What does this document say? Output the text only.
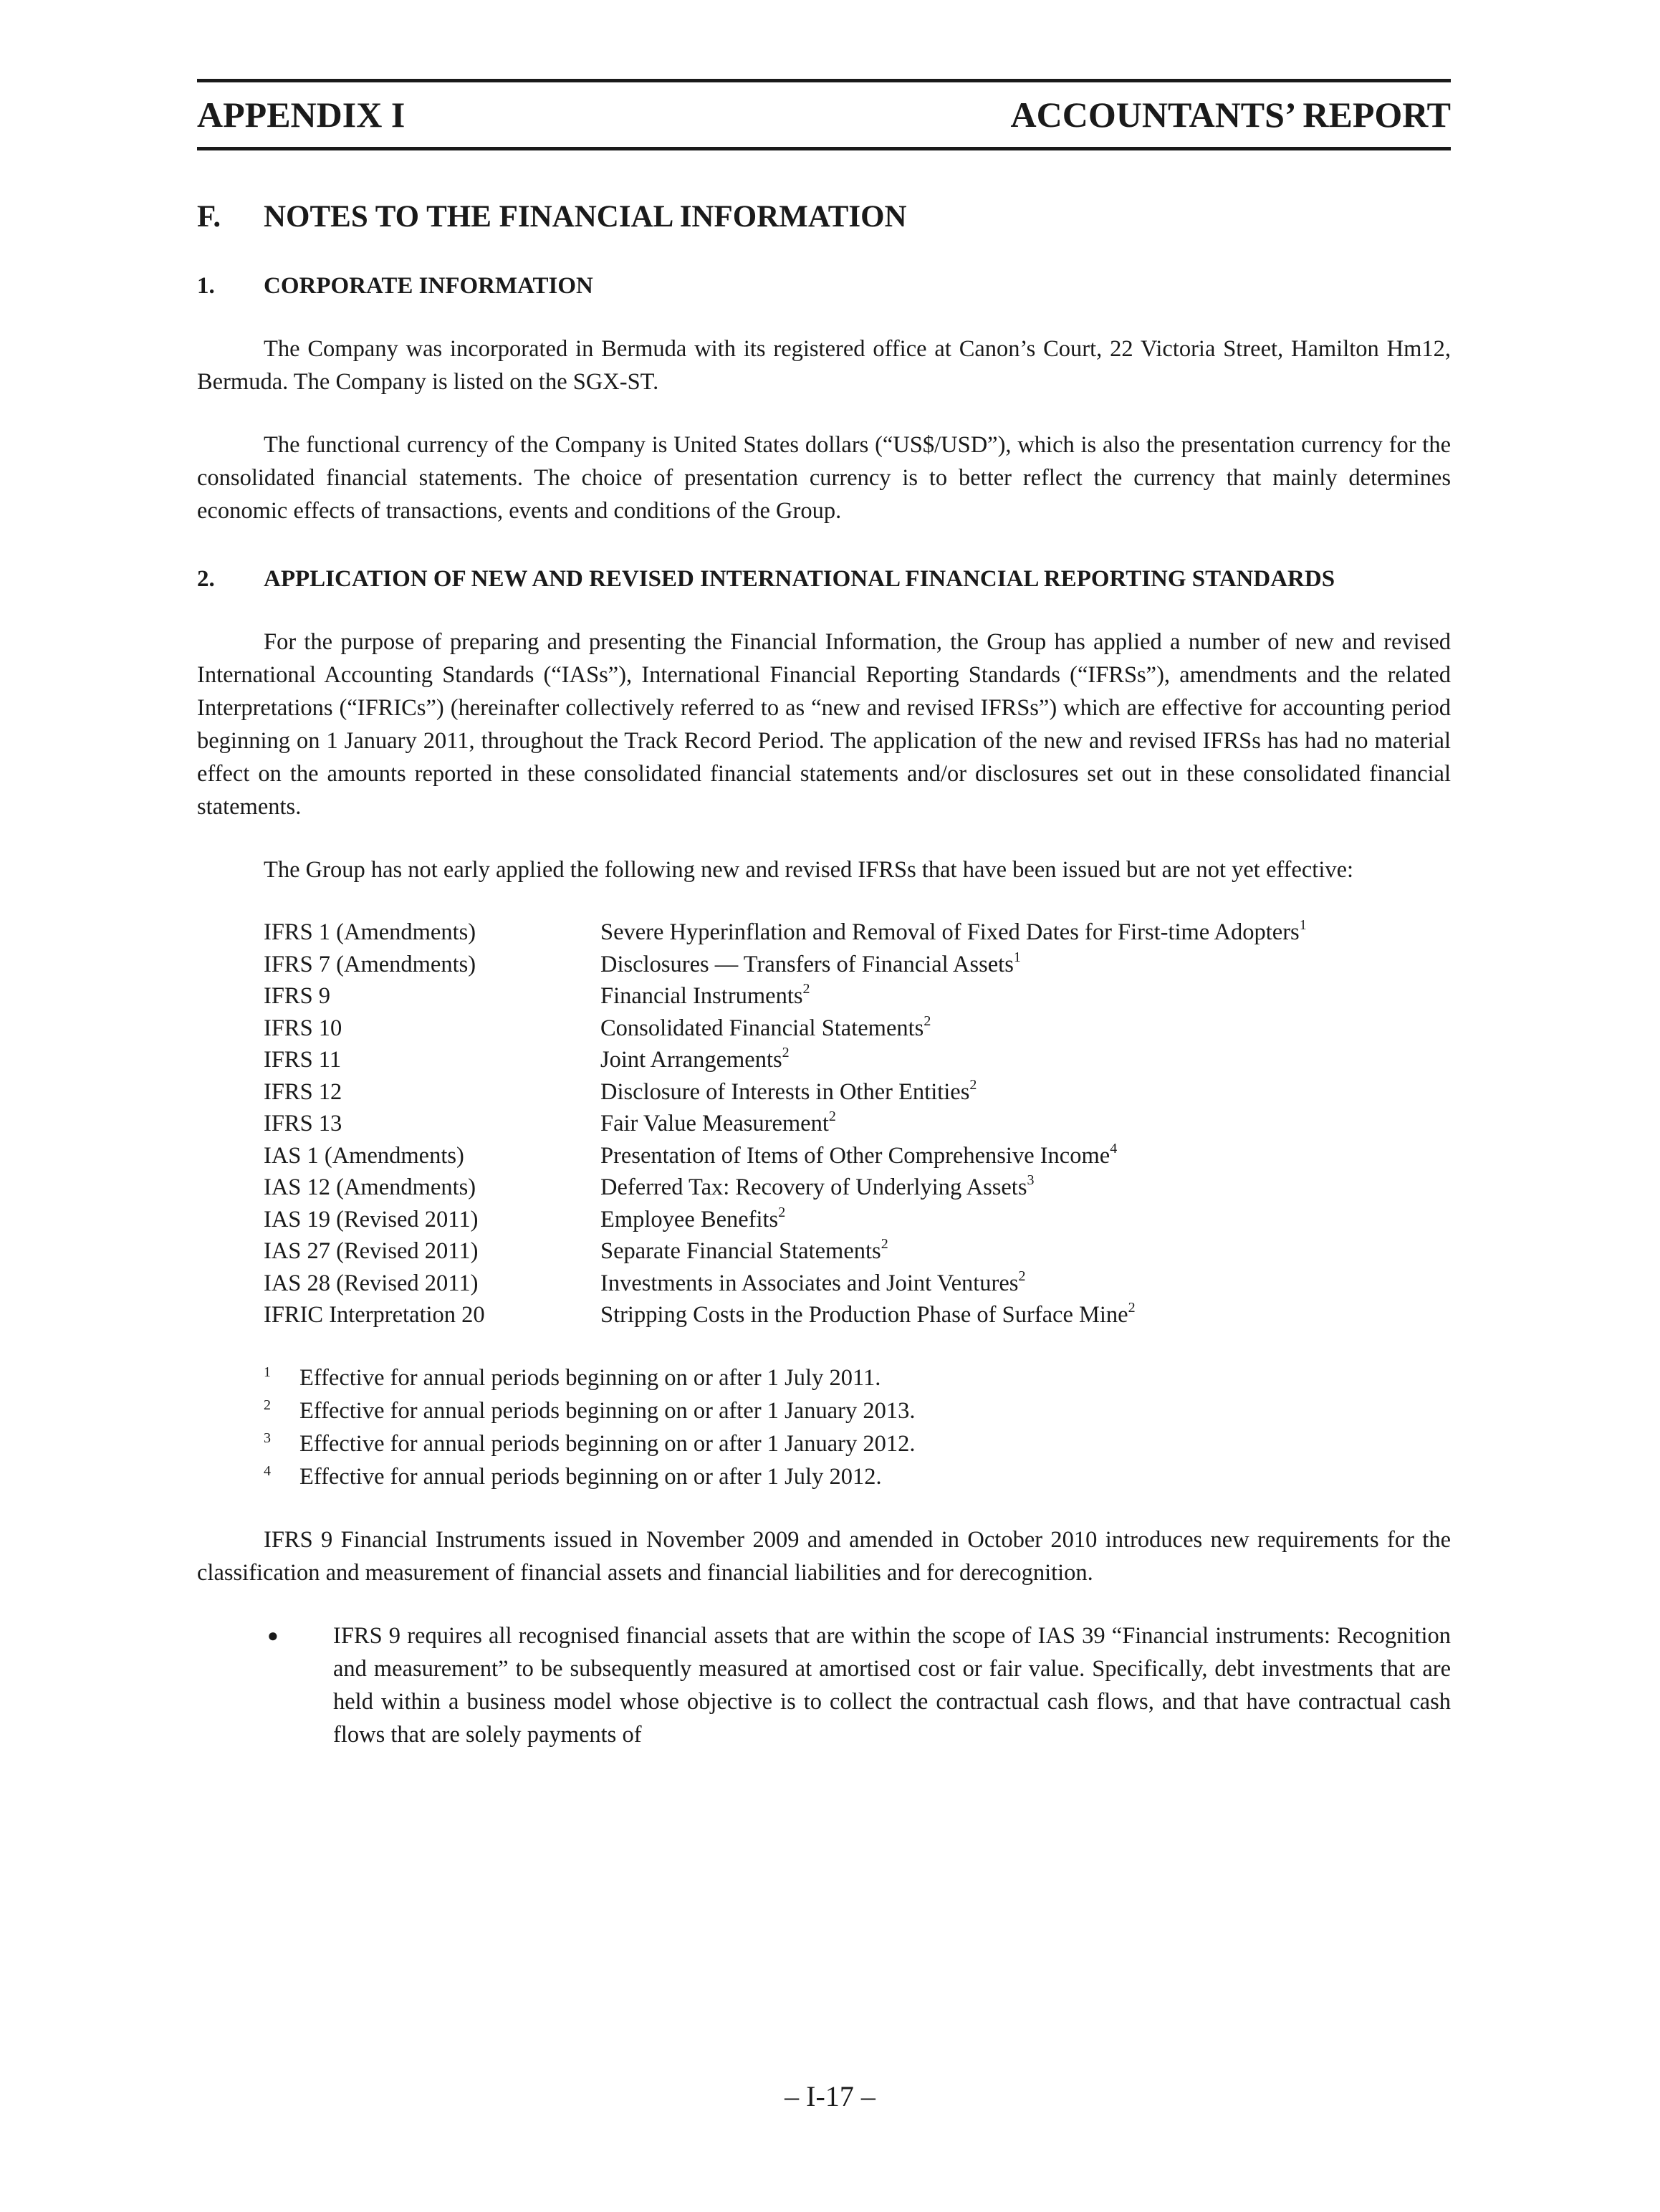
APPENDIX I	ACCOUNTANTS’ REPORT
F.	NOTES TO THE FINANCIAL INFORMATION
1.	CORPORATE INFORMATION

The Company was incorporated in Bermuda with its registered office at Canon’s Court, 22 Victoria Street, Hamilton Hm12, Bermuda. The Company is listed on the SGX-ST.

The functional currency of the Company is United States dollars (“US$/USD”), which is also the presentation currency for the consolidated financial statements. The choice of presentation currency is to better reflect the currency that mainly determines economic effects of transactions, events and conditions of the Group.

2.	APPLICATION OF NEW AND REVISED INTERNATIONAL FINANCIAL REPORTING STANDARDS

For the purpose of preparing and presenting the Financial Information, the Group has applied a number of new and revised International Accounting Standards (“IASs”), International Financial Reporting Standards (“IFRSs”), amendments and the related Interpretations (“IFRICs”) (hereinafter collectively referred to as “new and revised IFRSs”) which are effective for accounting period beginning on 1 January 2011, throughout the Track Record Period. The application of the new and revised IFRSs has had no material effect on the amounts reported in these consolidated financial statements and/or disclosures set out in these consolidated financial statements.

The Group has not early applied the following new and revised IFRSs that have been issued but are not yet effective:

IFRS 1 (Amendments)	Severe Hyperinflation and Removal of Fixed Dates for First-time Adopters$^1$
IFRS 7 (Amendments)	Disclosures — Transfers of Financial Assets$^1$
IFRS 9	Financial Instruments$^2$
IFRS 10	Consolidated Financial Statements$^2$
IFRS 11	Joint Arrangements$^2$
IFRS 12	Disclosure of Interests in Other Entities$^2$
IFRS 13	Fair Value Measurement$^2$
IAS 1 (Amendments)	Presentation of Items of Other Comprehensive Income$^4$
IAS 12 (Amendments)	Deferred Tax: Recovery of Underlying Assets$^3$
IAS 19 (Revised 2011)	Employee Benefits$^2$
IAS 27 (Revised 2011)	Separate Financial Statements$^2$
IAS 28 (Revised 2011)	Investments in Associates and Joint Ventures$^2$
IFRIC Interpretation 20	Stripping Costs in the Production Phase of Surface Mine$^2$
1	Effective for annual periods beginning on or after 1 July 2011.
2	Effective for annual periods beginning on or after 1 January 2013.
3	Effective for annual periods beginning on or after 1 January 2012.
4	Effective for annual periods beginning on or after 1 July 2012.

IFRS 9 Financial Instruments issued in November 2009 and amended in October 2010 introduces new requirements for the classification and measurement of financial assets and financial liabilities and for derecognition.

●	IFRS 9 requires all recognised financial assets that are within the scope of IAS 39 “Financial instruments: Recognition and measurement” to be subsequently measured at amortised cost or fair value. Specifically, debt investments that are held within a business model whose objective is to collect the contractual cash flows, and that have contractual cash flows that are solely payments of
– I-17 –
